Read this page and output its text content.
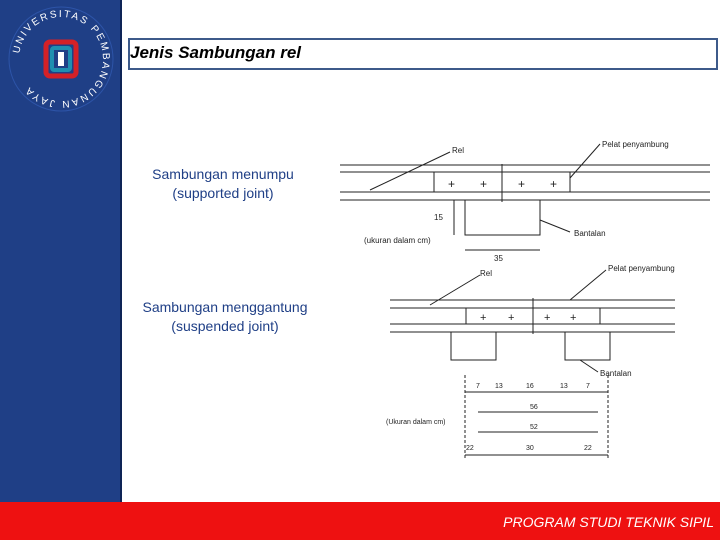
UNIVERSITAS PEMBANGUNAN JAYA
Jenis Sambungan rel
Sambungan menumpu
(supported joint)
Sambungan menggantung
(suspended joint)
+ +	+ +
Rel
Pelat penyambung
15
(ukuran dalam cm)
Bantalan
35
+ +	+ +
Rel
Pelat penyambung
Bantalan
7 13	16	13	7
56
52
(Ukuran dalam cm)
22	30	22
PROGRAM STUDI TEKNIK SIPIL
